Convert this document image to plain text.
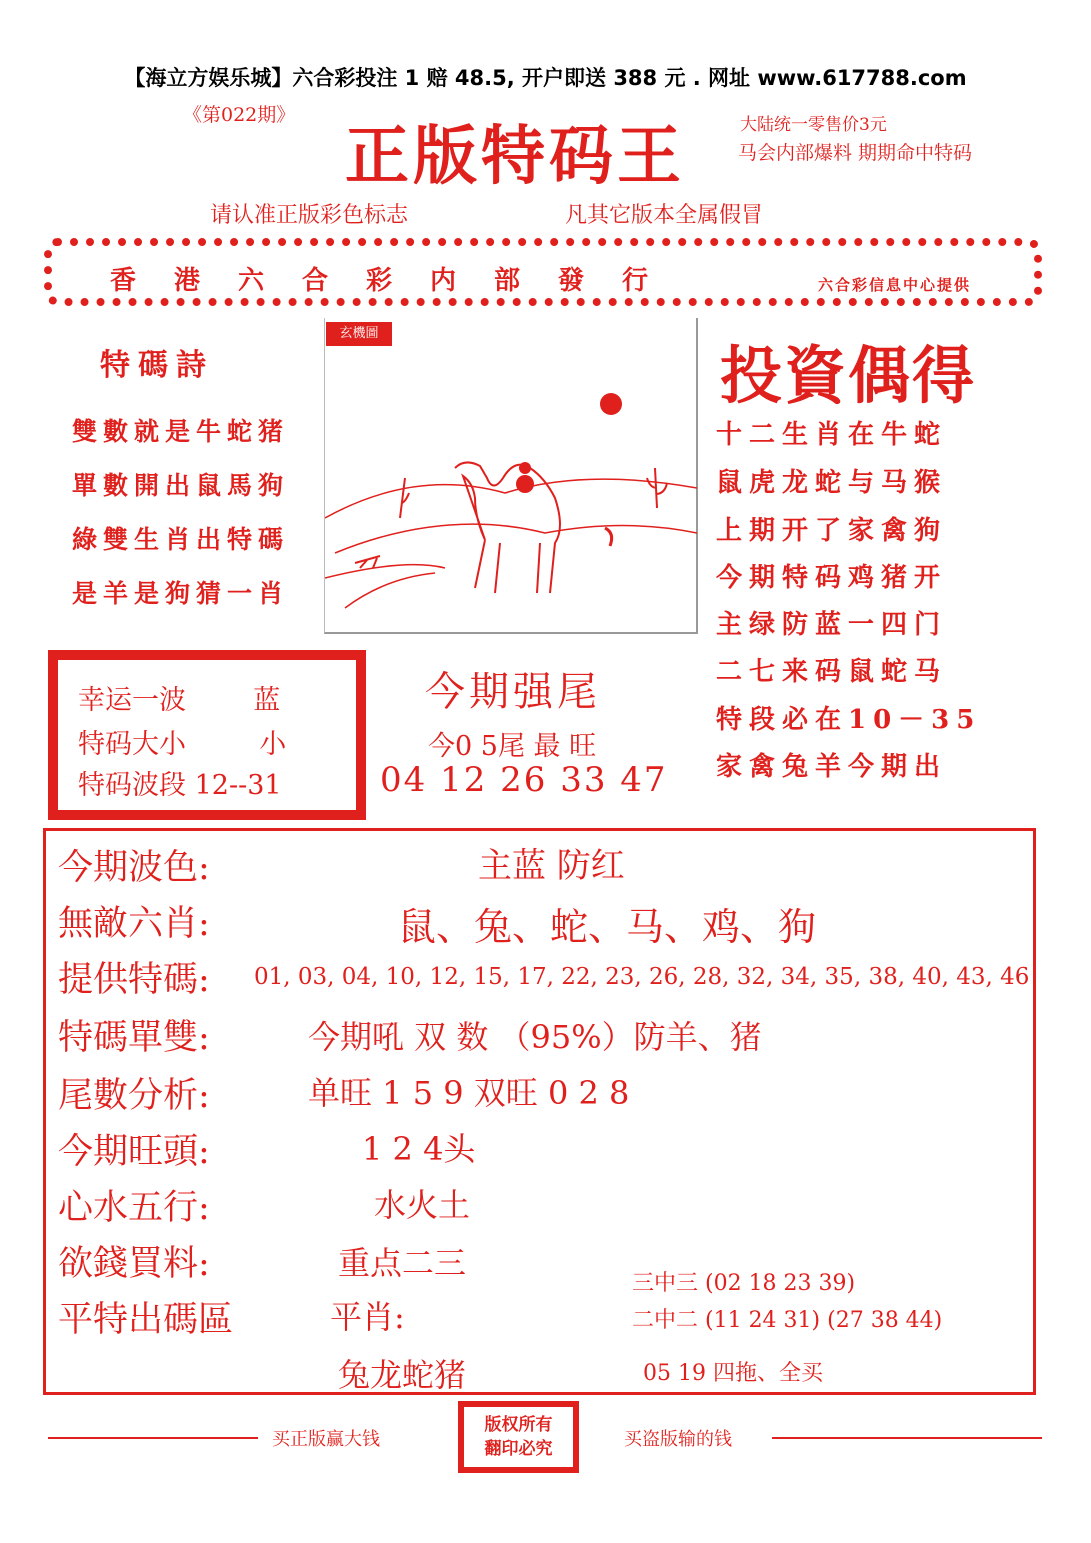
【海立方娱乐城】六合彩投注 1 赔 48.5, 开户即送 388 元 . 网址 www.617788.com
《第022期》
正版特码王	大陆统一零售价3元
马会内部爆料 期期命中特码
请认准正版彩色标志	凡其它版本全属假冒
香港六合彩内部發行	六合彩信息中心提供
特碼詩
雙數就是牛蛇猪
單數開出鼠馬狗
綠雙生肖出特碼
是羊是狗猜一肖
玄機圖
投資偶得
十二生肖在牛蛇
鼠虎龙蛇与马猴
上期开了家禽狗
今期特码鸡猪开
主绿防蓝一四门
二七来码鼠蛇马
特段必在10－35
家禽兔羊今期出
幸运一波 蓝
特码大小	小
特码波段 12--31
今期强尾
今0 5尾 最 旺
04 12 26 33 47
今期波色:	主蓝 防红
無敵六肖:	鼠、兔、蛇、马、鸡、狗
提供特碼: 01, 03, 04, 10, 12, 15, 17, 22, 23, 26, 28, 32, 34, 35, 38, 40, 43, 46
特碼單雙:	今期吼 双 数 （95%）防羊、猪
尾數分析:	单旺 1 5 9 双旺 0 2 8
今期旺頭:	1 2 4头
心水五行:	水火土
欲錢買料:	重点二三
平特出碼區	平肖:
兔龙蛇猪
三中三 (02 18 23 39)
二中二 (11 24 31) (27 38 44)
05 19 四拖、全买
买正版赢大钱
版权所有
翻印必究	买盗版输的钱
